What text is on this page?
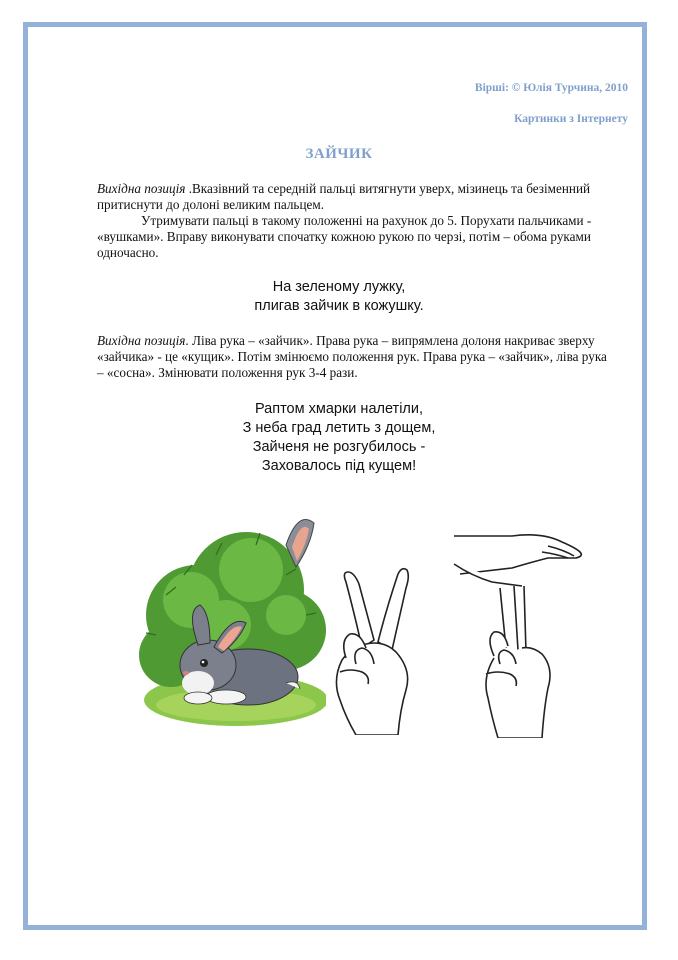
Вірші: © Юлія Турчина, 2010
Картинки з Інтернету
ЗАЙЧИК
Вихідна позиція .Вказівний та середній пальці витягнути уверх, мізинець та безіменний притиснути до долоні великим пальцем.
Утримувати пальці в такому положенні на рахунок до 5. Поруxати пальчиками - «вушками». Вправу виконувати спочатку кожною рукою по черзі, потім – обома руками одночасно.
На зеленому лужку,
плигав зайчик в кожушку.
Вихідна позиція. Ліва рука – «зайчик». Права рука – випрямлена долоня накриває зверху «зайчика» - це «кущик». Потім змінюємо положення рук. Права рука – «зайчик», ліва рука – «сосна». Змінювати положення рук 3-4 рази.
Раптом хмарки налетіли,
З неба град летить з дощем,
Зайченя не розгубилось -
Заховалось під кущем!
